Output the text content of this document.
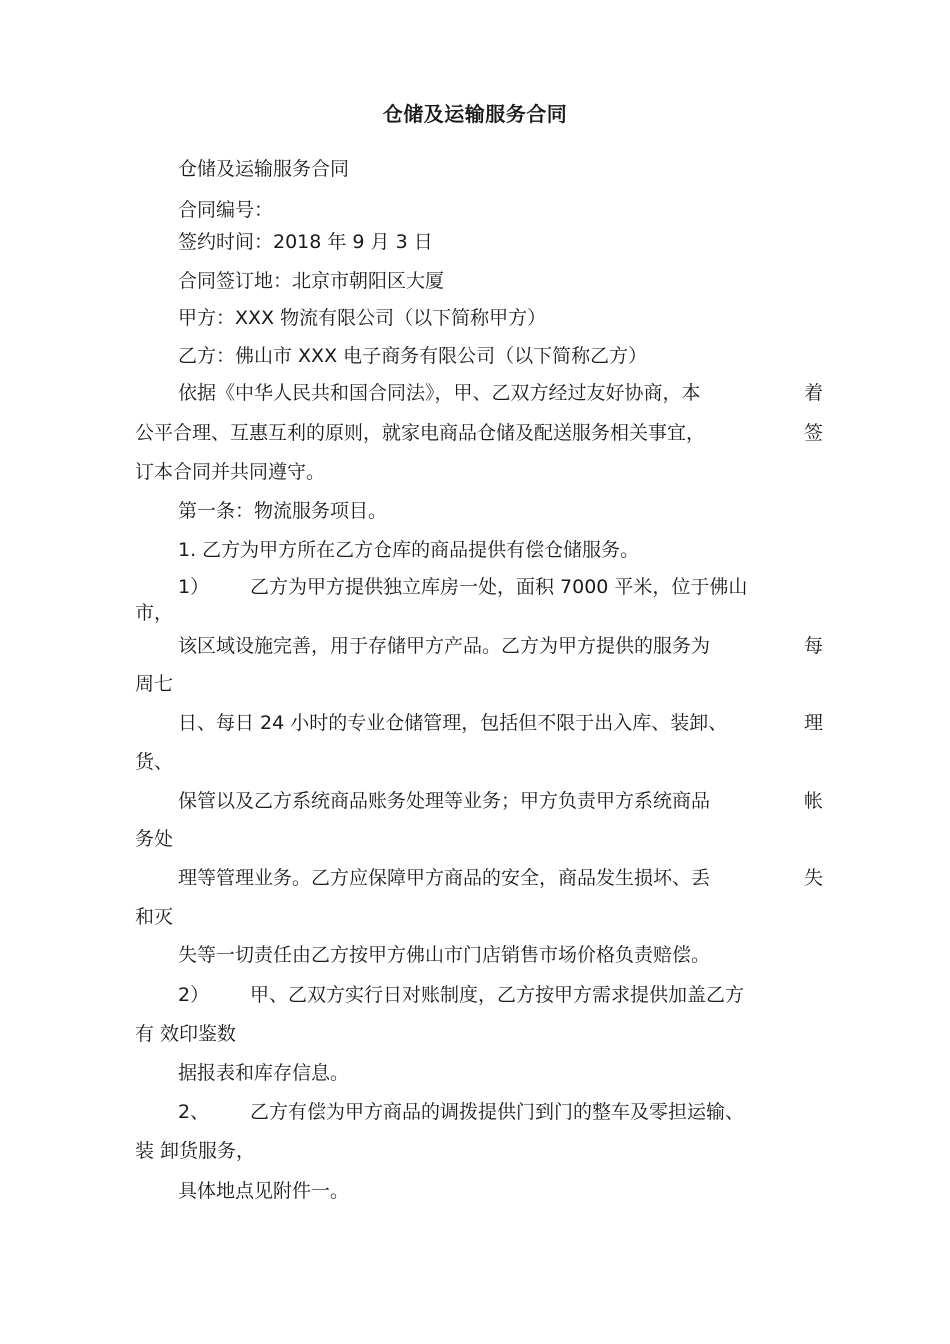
仓储及运输服务合同
仓储及运输服务合同
合同编号：
签约时间：2018 年 9 月 3 日
合同签订地：北京市朝阳区大厦
甲方：XXX 物流有限公司（以下简称甲方）
乙方：佛山市 XXX 电子商务有限公司（以下简称乙方）
依据《中华人民共和国合同法》，甲、乙双方经过友好协商，本	着
公平合理、互惠互利的原则，就家电商品仓储及配送服务相关事宜，	签
订本合同并共同遵守。
第一条：物流服务项目。
1. 乙方为甲方所在乙方仓库的商品提供有偿仓储服务。
1） 乙方为甲方提供独立库房一处，面积 7000 平米，位于佛山
市，
该区域设施完善，用于存储甲方产品。乙方为甲方提供的服务为	每
周七
日、每日 24 小时的专业仓储管理，包括但不限于出入库、装卸、	理
货、
保管以及乙方系统商品账务处理等业务；甲方负责甲方系统商品	帐
务处
理等管理业务。乙方应保障甲方商品的安全，商品发生损坏、丢	失
和灭
失等一切责任由乙方按甲方佛山市门店销售市场价格负责赔偿。
2） 甲、乙双方实行日对账制度，乙方按甲方需求提供加盖乙方
有 效印鉴数
据报表和库存信息。
2、 乙方有偿为甲方商品的调拨提供门到门的整车及零担运输、
装 卸货服务，
具体地点见附件一。
